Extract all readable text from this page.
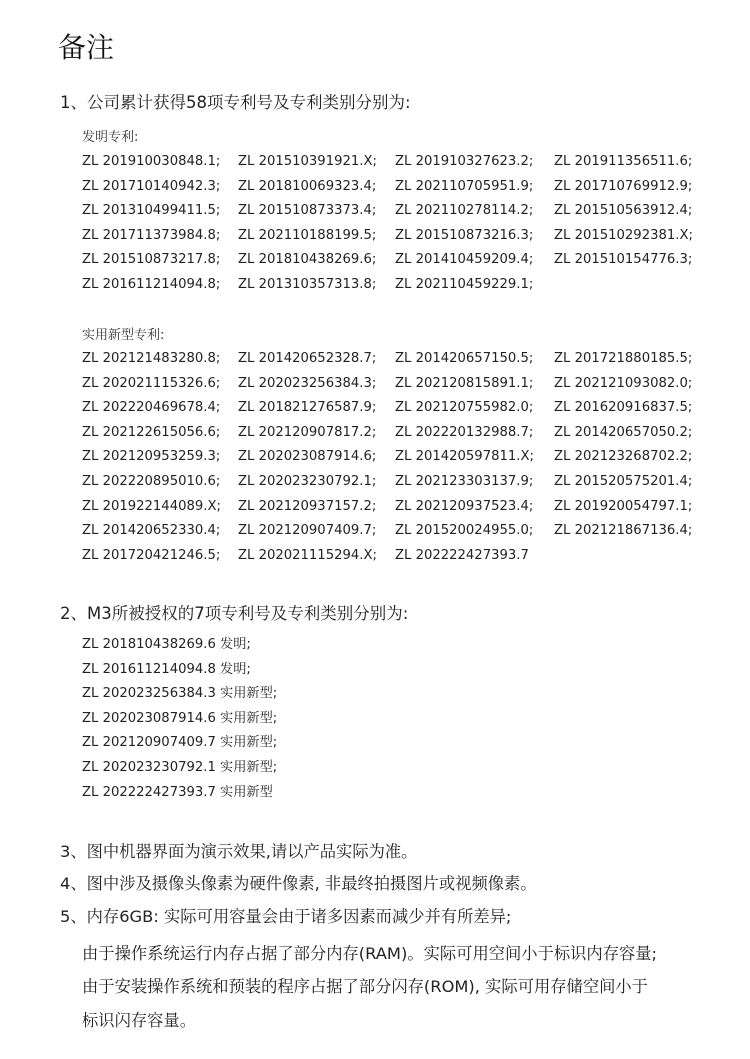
备注
1、公司累计获得58项专利号及专利类别分别为:
发明专利:
ZL 201910030848.1; ZL 201510391921.X; ZL 201910327623.2; ZL 201911356511.6;
ZL 201710140942.3; ZL 201810069323.4; ZL 202110705951.9; ZL 201710769912.9;
ZL 201310499411.5; ZL 201510873373.4; ZL 202110278114.2; ZL 201510563912.4;
ZL 201711373984.8; ZL 202110188199.5; ZL 201510873216.3; ZL 201510292381.X;
ZL 201510873217.8; ZL 201810438269.6; ZL 201410459209.4; ZL 201510154776.3;
ZL 201611214094.8; ZL 201310357313.8; ZL 202110459229.1;
实用新型专利:
ZL 202121483280.8; ZL 201420652328.7; ZL 201420657150.5; ZL 201721880185.5;
ZL 202021115326.6; ZL 202023256384.3; ZL 202120815891.1; ZL 202121093082.0;
ZL 202220469678.4; ZL 201821276587.9; ZL 202120755982.0; ZL 201620916837.5;
ZL 202122615056.6; ZL 202120907817.2; ZL 202220132988.7; ZL 201420657050.2;
ZL 202120953259.3; ZL 202023087914.6; ZL 201420597811.X; ZL 202123268702.2;
ZL 202220895010.6; ZL 202023230792.1; ZL 202123303137.9; ZL 201520575201.4;
ZL 201922144089.X; ZL 202120937157.2; ZL 202120937523.4; ZL 201920054797.1;
ZL 201420652330.4; ZL 202120907409.7; ZL 201520024955.0; ZL 202121867136.4;
ZL 201720421246.5; ZL 202021115294.X; ZL 202222427393.7
2、M3所被授权的7项专利号及专利类别分别为:
ZL 201810438269.6 发明;
ZL 201611214094.8 发明;
ZL 202023256384.3 实用新型;
ZL 202023087914.6 实用新型;
ZL 202120907409.7 实用新型;
ZL 202023230792.1 实用新型;
ZL 202222427393.7 实用新型
3、图中机器界面为演示效果,请以产品实际为准。
4、图中涉及摄像头像素为硬件像素, 非最终拍摄图片或视频像素。
5、内存6GB: 实际可用容量会由于诸多因素而减少并有所差异;
由于操作系统运行内存占据了部分内存(RAM)。实际可用空间小于标识内存容量;
由于安装操作系统和预装的程序占据了部分闪存(ROM), 实际可用存储空间小于
标识闪存容量。
